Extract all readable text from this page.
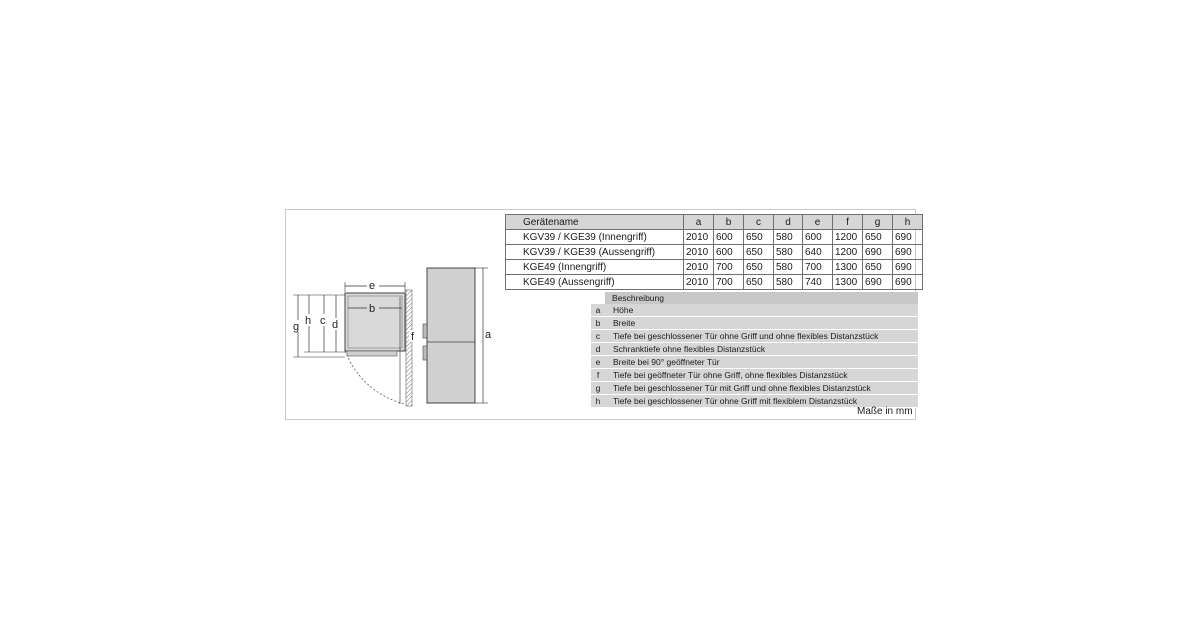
e
b
g h c d
f	a
Gerätename	a	b	c	d	e	f	g	h
KGV39 / KGE39 (Innengriff)	2010	600	650	580	600	1200	650	690
KGV39 / KGE39 (Aussengriff)	2010	600	650	580	640	1200	690	690
KGE49 (Innengriff)	2010	700	650	580	700	1300	650	690
KGE49 (Aussengriff)	2010	700	650	580	740	1300	690	690
	Beschreibung
a	Höhe
b	Breite
c	Tiefe bei geschlossener Tür ohne Griff und ohne flexibles Distanzstück
d	Schranktiefe ohne flexibles Distanzstück
e	Breite bei 90° geöffneter Tür
f	Tiefe bei geöffneter Tür ohne Griff, ohne flexibles Distanzstück
g	Tiefe bei geschlossener Tür mit Griff und ohne flexibles Distanzstück
h	Tiefe bei geschlossener Tür ohne Griff mit flexiblem Distanzstück
Maße in mm
